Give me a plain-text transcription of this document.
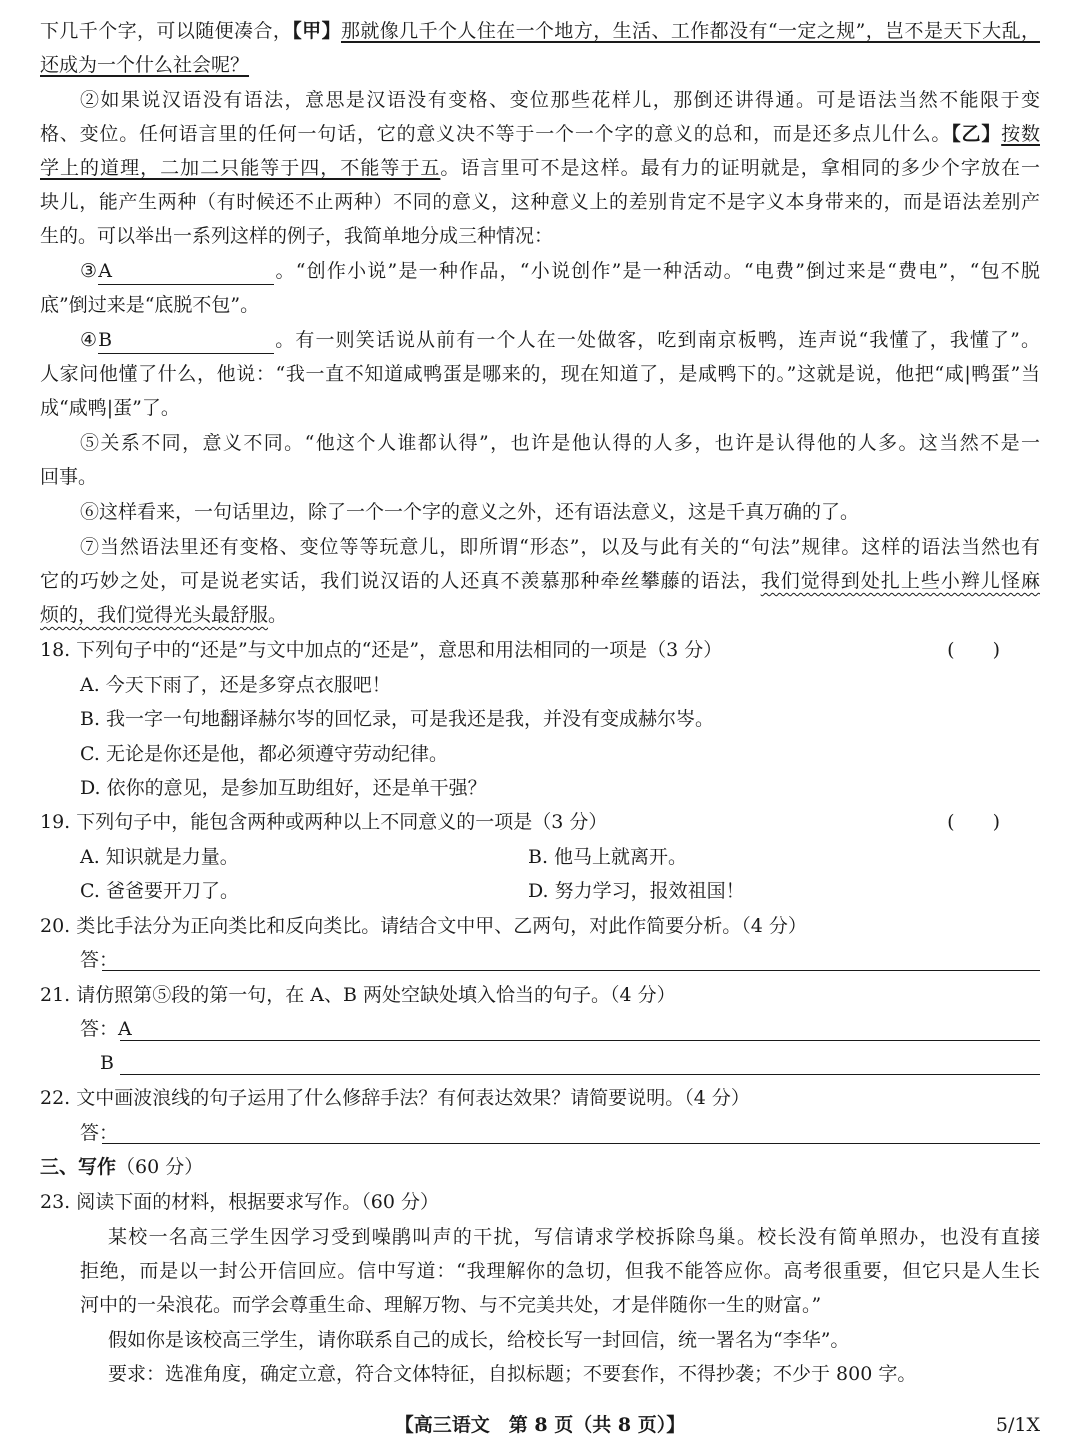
下几千个字，可以随便凑合，【甲】那就像几千个人住在一个地方，生活、工作都没有“一定之规”，岂不是天下大乱，
还成为一个什么社会呢？
②如果说汉语没有语法，意思是汉语没有变格、变位那些花样儿，那倒还讲得通。可是语法当然不能限于变
格、变位。任何语言里的任何一句话，它的意义决不等于一个一个字的意义的总和，而是还多点儿什么。【乙】按数
学上的道理，二加二只能等于四，不能等于五。语言里可不是这样。最有力的证明就是，拿相同的多少个字放在一
块儿，能产生两种（有时候还不止两种）不同的意义，这种意义上的差别肯定不是字义本身带来的，而是语法差别产
生的。可以举出一系列这样的例子，我简单地分成三种情况：
③A	。“创作小说”是一种作品，“小说创作”是一种活动。“电费”倒过来是“费电”，“包不脱
底”倒过来是“底脱不包”。
④B	。有一则笑话说从前有一个人在一处做客，吃到南京板鸭，连声说“我懂了，我懂了”。
人家问他懂了什么，他说：“我一直不知道咸鸭蛋是哪来的，现在知道了，是咸鸭下的。”这就是说，他把“咸|鸭蛋”当
成“咸鸭|蛋”了。
⑤关系不同，意义不同。“他这个人谁都认得”，也许是他认得的人多，也许是认得他的人多。这当然不是一
回事。
⑥这样看来，一句话里边，除了一个一个字的意义之外，还有语法意义，这是千真万确的了。
⑦当然语法里还有变格、变位等等玩意儿，即所谓“形态”，以及与此有关的“句法”规律。这样的语法当然也有
它的巧妙之处，可是说老实话，我们说汉语的人还真不羡慕那种牵丝攀藤的语法，我们觉得到处扎上些小辫儿怪麻
烦的，我们觉得光头最舒服。
18. 下列句子中的“还是”与文中加点的“还是”，意思和用法相同的一项是（3 分）	(　　)
A. 今天下雨了，还是多穿点衣服吧！
B. 我一字一句地翻译赫尔岑的回忆录，可是我还是我，并没有变成赫尔岑。
C. 无论是你还是他，都必须遵守劳动纪律。
D. 依你的意见，是参加互助组好，还是单干强？
19. 下列句子中，能包含两种或两种以上不同意义的一项是（3 分）	(　　)
A. 知识就是力量。	B. 他马上就离开。
C. 爸爸要开刀了。	D. 努力学习，报效祖国！
20. 类比手法分为正向类比和反向类比。请结合文中甲、乙两句，对此作简要分析。（4 分）
答：
21. 请仿照第⑤段的第一句，在 A、B 两处空缺处填入恰当的句子。（4 分）
答：A
B
22. 文中画波浪线的句子运用了什么修辞手法？有何表达效果？请简要说明。（4 分）
答：
三、写作（60 分）
23. 阅读下面的材料，根据要求写作。（60 分）
某校一名高三学生因学习受到噪鹃叫声的干扰，写信请求学校拆除鸟巢。校长没有简单照办，也没有直接
拒绝，而是以一封公开信回应。信中写道：“我理解你的急切，但我不能答应你。高考很重要，但它只是人生长
河中的一朵浪花。而学会尊重生命、理解万物、与不完美共处，才是伴随你一生的财富。”
假如你是该校高三学生，请你联系自己的成长，给校长写一封回信，统一署名为“李华”。
要求：选准角度，确定立意，符合文体特征，自拟标题；不要套作，不得抄袭；不少于 800 字。
【高三语文　第 8 页（共 8 页）】	5/1X
